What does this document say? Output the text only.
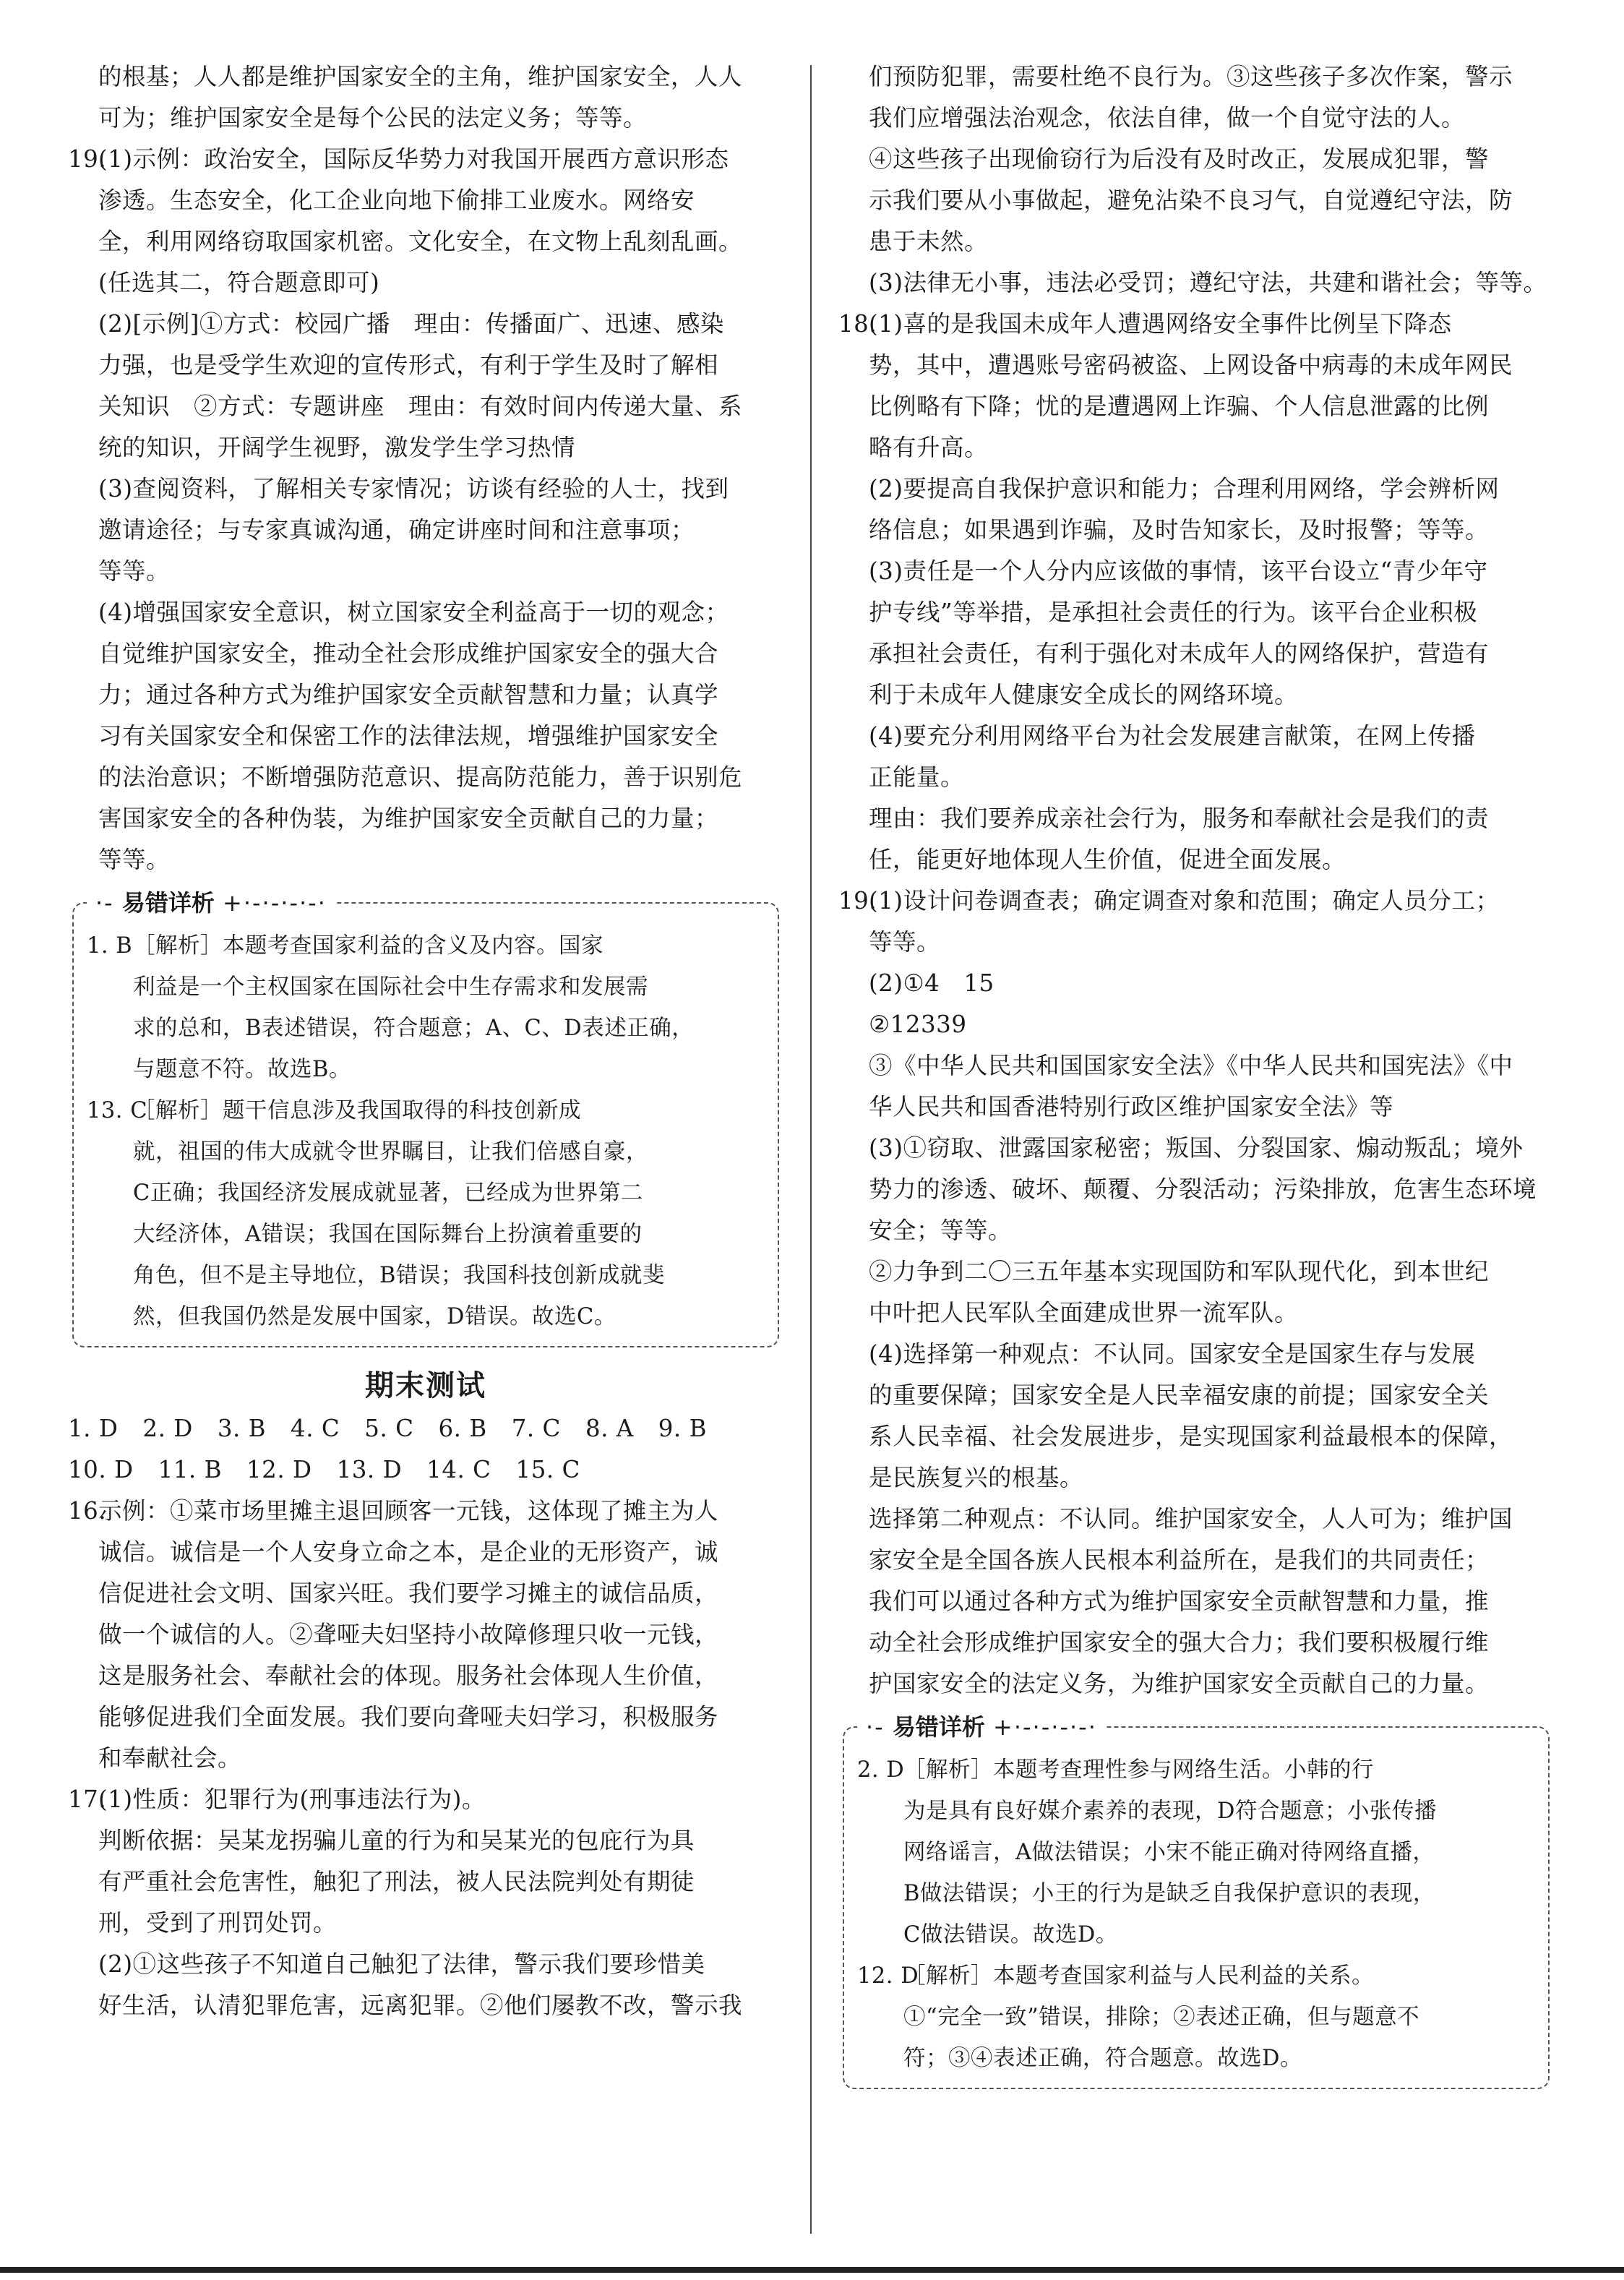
的根基；人人都是维护国家安全的主角，维护国家安全，人人
可为；维护国家安全是每个公民的法定义务；等等。
19.(1)示例：政治安全，国际反华势力对我国开展西方意识形态
渗透。生态安全，化工企业向地下偷排工业废水。网络安
全，利用网络窃取国家机密。文化安全，在文物上乱刻乱画。
(任选其二，符合题意即可)
(2)[示例]①方式：校园广播　理由：传播面广、迅速、感染
力强，也是受学生欢迎的宣传形式，有利于学生及时了解相
关知识　②方式：专题讲座　理由：有效时间内传递大量、系
统的知识，开阔学生视野，激发学生学习热情
(3)查阅资料，了解相关专家情况；访谈有经验的人士，找到
邀请途径；与专家真诚沟通，确定讲座时间和注意事项；
等等。
(4)增强国家安全意识，树立国家安全利益高于一切的观念；
自觉维护国家安全，推动全社会形成维护国家安全的强大合
力；通过各种方式为维护国家安全贡献智慧和力量；认真学
习有关国家安全和保密工作的法律法规，增强维护国家安全
的法治意识；不断增强防范意识、提高防范能力，善于识别危
害国家安全的各种伪装，为维护国家安全贡献自己的力量；
等等。
·- 易错详析 +·-·-·-·-·
1. B［解析］本题考查国家利益的含义及内容。国家
利益是一个主权国家在国际社会中生存需求和发展需
求的总和，B表述错误，符合题意；A、C、D表述正确，
与题意不符。故选B。
13. C［解析］题干信息涉及我国取得的科技创新成
就，祖国的伟大成就令世界瞩目，让我们倍感自豪，
C正确；我国经济发展成就显著，已经成为世界第二
大经济体，A错误；我国在国际舞台上扮演着重要的
角色，但不是主导地位，B错误；我国科技创新成就斐
然，但我国仍然是发展中国家，D错误。故选C。
期末测试
1. D 2. D 3. B 4. C 5. C 6. B 7. C 8. A 9. B
10. D 11. B 12. D 13. D 14. C 15. C
16.示例：①菜市场里摊主退回顾客一元钱，这体现了摊主为人
诚信。诚信是一个人安身立命之本，是企业的无形资产，诚
信促进社会文明、国家兴旺。我们要学习摊主的诚信品质，
做一个诚信的人。②聋哑夫妇坚持小故障修理只收一元钱，
这是服务社会、奉献社会的体现。服务社会体现人生价值，
能够促进我们全面发展。我们要向聋哑夫妇学习，积极服务
和奉献社会。
17.(1)性质：犯罪行为(刑事违法行为)。
判断依据：吴某龙拐骗儿童的行为和吴某光的包庇行为具
有严重社会危害性，触犯了刑法，被人民法院判处有期徒
刑，受到了刑罚处罚。
(2)①这些孩子不知道自己触犯了法律，警示我们要珍惜美
好生活，认清犯罪危害，远离犯罪。②他们屡教不改，警示我
们预防犯罪，需要杜绝不良行为。③这些孩子多次作案，警示
我们应增强法治观念，依法自律，做一个自觉守法的人。
④这些孩子出现偷窃行为后没有及时改正，发展成犯罪，警
示我们要从小事做起，避免沾染不良习气，自觉遵纪守法，防
患于未然。
(3)法律无小事，违法必受罚；遵纪守法，共建和谐社会；等等。
18.(1)喜的是我国未成年人遭遇网络安全事件比例呈下降态
势，其中，遭遇账号密码被盗、上网设备中病毒的未成年网民
比例略有下降；忧的是遭遇网上诈骗、个人信息泄露的比例
略有升高。
(2)要提高自我保护意识和能力；合理利用网络，学会辨析网
络信息；如果遇到诈骗，及时告知家长，及时报警；等等。
(3)责任是一个人分内应该做的事情，该平台设立“青少年守
护专线”等举措，是承担社会责任的行为。该平台企业积极
承担社会责任，有利于强化对未成年人的网络保护，营造有
利于未成年人健康安全成长的网络环境。
(4)要充分利用网络平台为社会发展建言献策，在网上传播
正能量。
理由：我们要养成亲社会行为，服务和奉献社会是我们的责
任，能更好地体现人生价值，促进全面发展。
19.(1)设计问卷调查表；确定调查对象和范围；确定人员分工；
等等。
(2)①4　15
②12339
③《中华人民共和国国家安全法》《中华人民共和国宪法》《中
华人民共和国香港特别行政区维护国家安全法》等
(3)①窃取、泄露国家秘密；叛国、分裂国家、煽动叛乱；境外
势力的渗透、破坏、颠覆、分裂活动；污染排放，危害生态环境
安全；等等。
②力争到二〇三五年基本实现国防和军队现代化，到本世纪
中叶把人民军队全面建成世界一流军队。
(4)选择第一种观点：不认同。国家安全是国家生存与发展
的重要保障；国家安全是人民幸福安康的前提；国家安全关
系人民幸福、社会发展进步，是实现国家利益最根本的保障，
是民族复兴的根基。
选择第二种观点：不认同。维护国家安全，人人可为；维护国
家安全是全国各族人民根本利益所在，是我们的共同责任；
我们可以通过各种方式为维护国家安全贡献智慧和力量，推
动全社会形成维护国家安全的强大合力；我们要积极履行维
护国家安全的法定义务，为维护国家安全贡献自己的力量。
·- 易错详析 +·-·-·-·-·
2. D［解析］本题考查理性参与网络生活。小韩的行
为是具有良好媒介素养的表现，D符合题意；小张传播
网络谣言，A做法错误；小宋不能正确对待网络直播，
B做法错误；小王的行为是缺乏自我保护意识的表现，
C做法错误。故选D。
12. D［解析］本题考查国家利益与人民利益的关系。
①“完全一致”错误，排除；②表述正确，但与题意不
符；③④表述正确，符合题意。故选D。
